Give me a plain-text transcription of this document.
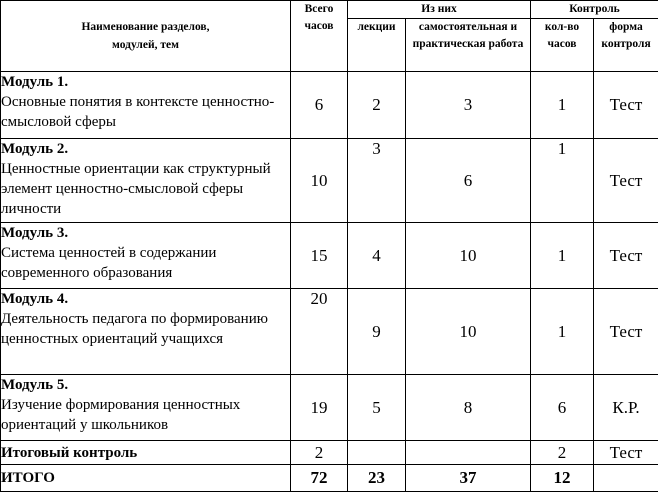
Наименование разделов, модулей, тем	Всего часов	Из них		Контроль	
		лекции	самостоятельная и практическая работа	кол-во часов	форма контроля
Модуль 1.
Основные понятия в контексте ценностно-смысловой сферы	6	2	3	1	Тест
Модуль 2.
Ценностные ориентации как структурный элемент ценностно-смысловой сферы личности	10	3	6	1	Тест
Модуль 3.
Система ценностей в содержании современного образования	15	4	10	1	Тест
Модуль 4.
Деятельность педагога по формированию ценностных ориентаций учащихся	20	9	10	1	Тест
Модуль 5.
Изучение формирования ценностных ориентаций у школьников	19	5	8	6	К.Р.
Итоговый контроль	2			2	Тест
ИТОГО	72	23	37	12	
